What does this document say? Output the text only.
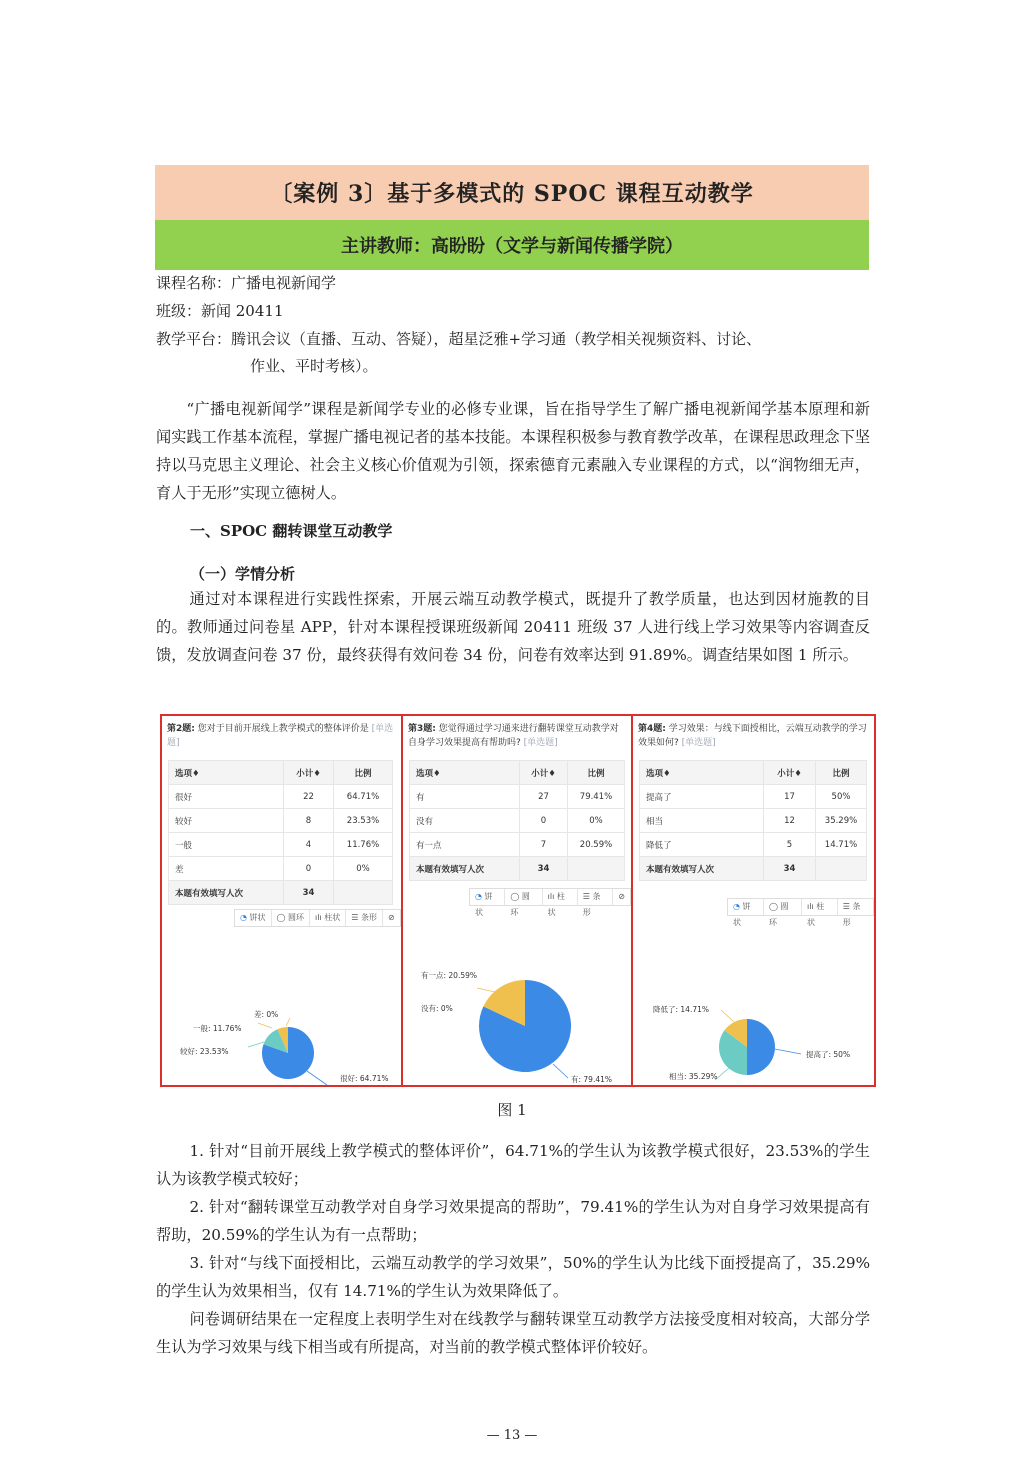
〔案例 3〕基于多模式的 SPOC 课程互动教学
主讲教师：高盼盼（文学与新闻传播学院）
课程名称：广播电视新闻学
班级：新闻 20411
教学平台：腾讯会议（直播、互动、答疑），超星泛雅+学习通（教学相关视频资料、讨论、
作业、平时考核）。
“广播电视新闻学”课程是新闻学专业的必修专业课，旨在指导学生了解广播电视新闻学基本原理和新闻实践工作基本流程，掌握广播电视记者的基本技能。本课程积极参与教育教学改革，在课程思政理念下坚持以马克思主义理论、社会主义核心价值观为引领，探索德育元素融入专业课程的方式，以“润物细无声，育人于无形”实现立德树人。
一、SPOC 翻转课堂互动教学
（一）学情分析
通过对本课程进行实践性探索，开展云端互动教学模式，既提升了教学质量，也达到因材施教的目的。教师通过问卷星 APP，针对本课程授课班级新闻 20411 班级 37 人进行线上学习效果等内容调查反馈，发放调查问卷 37 份，最终获得有效问卷 34 份，问卷有效率达到 91.89%。调查结果如图 1 所示。
第2题: 您对于目前开展线上教学模式的整体评价是 [单选题]
选项♦	小计♦	比例
很好	22	64.71%
较好	8	23.53%
一般	4	11.76%
差	0	0%
本题有效填写人次	34	
◔ 饼状	◯ 圆环	ılı 柱状	☰ 条形	⊘
差: 0%
一般: 11.76%
较好: 23.53%
很好: 64.71%
第3题: 您觉得通过学习通来进行翻转课堂互动教学对自身学习效果提高有帮助吗? [单选题]
选项♦	小计♦	比例
有	27	79.41%
没有	0	0%
有一点	7	20.59%
本题有效填写人次	34	
◔ 饼状
◯ 圆环
ılı 柱状
☰ 条形
⊘
有一点: 20.59%
没有: 0%
有: 79.41%
第4题: 学习效果：与线下面授相比，云端互动教学的学习效果如何? [单选题]
选项♦	小计♦	比例
提高了	17	50%
相当	12	35.29%
降低了	5	14.71%
本题有效填写人次	34	
◔ 饼状
◯ 圆环
ılı 柱状
☰ 条形
降低了: 14.71%
提高了: 50%
相当: 35.29%
图 1
1. 针对“目前开展线上教学模式的整体评价”，64.71%的学生认为该教学模式很好，23.53%的学生认为该教学模式较好；
2. 针对“翻转课堂互动教学对自身学习效果提高的帮助”，79.41%的学生认为对自身学习效果提高有帮助，20.59%的学生认为有一点帮助；
3. 针对“与线下面授相比，云端互动教学的学习效果”，50%的学生认为比线下面授提高了，35.29%的学生认为效果相当，仅有 14.71%的学生认为效果降低了。
问卷调研结果在一定程度上表明学生对在线教学与翻转课堂互动教学方法接受度相对较高，大部分学生认为学习效果与线下相当或有所提高，对当前的教学模式整体评价较好。
— 13 —
